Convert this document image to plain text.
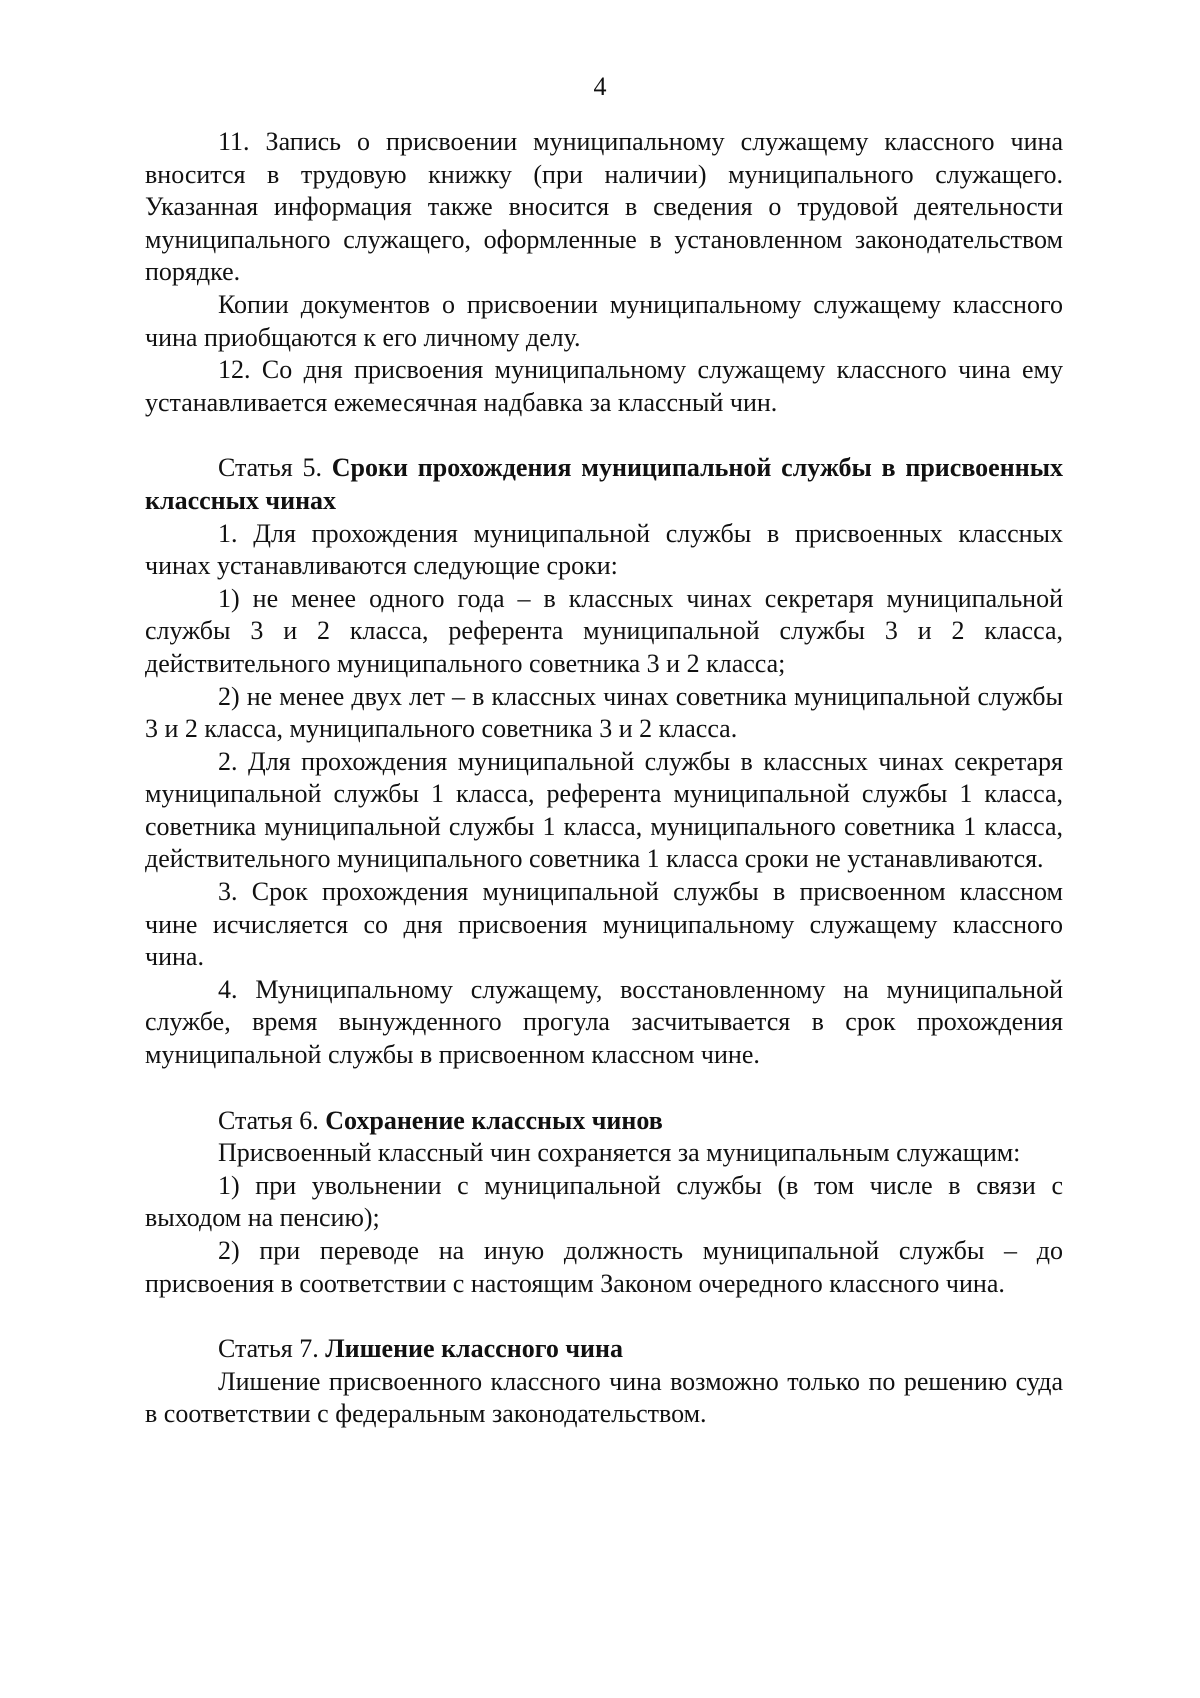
4

11. Запись о присвоении муниципальному служащему классного чина вносится в трудовую книжку (при наличии) муниципального служащего. Указанная информация также вносится в сведения о трудовой деятельности муниципального служащего, оформленные в установленном законодательством порядке.

Копии документов о присвоении муниципальному служащему классного чина приобщаются к его личному делу.

12. Со дня присвоения муниципальному служащему классного чина ему устанавливается ежемесячная надбавка за классный чин.

Статья 5. Сроки прохождения муниципальной службы в присвоенных классных чинах

1. Для прохождения муниципальной службы в присвоенных классных чинах устанавливаются следующие сроки:

1) не менее одного года – в классных чинах секретаря муниципальной службы 3 и 2 класса, референта муниципальной службы 3 и 2 класса, действительного муниципального советника 3 и 2 класса;

2) не менее двух лет – в классных чинах советника муниципальной службы 3 и 2 класса, муниципального советника 3 и 2 класса.

2. Для прохождения муниципальной службы в классных чинах секретаря муниципальной службы 1 класса, референта муниципальной службы 1 класса, советника муниципальной службы 1 класса, муниципального советника 1 класса, действительного муниципального советника 1 класса сроки не устанавливаются.

3. Срок прохождения муниципальной службы в присвоенном классном чине исчисляется со дня присвоения муниципальному служащему классного чина.

4. Муниципальному служащему, восстановленному на муниципальной службе, время вынужденного прогула засчитывается в срок прохождения муниципальной службы в присвоенном классном чине.

Статья 6. Сохранение классных чинов

Присвоенный классный чин сохраняется за муниципальным служащим:

1) при увольнении с муниципальной службы (в том числе в связи с выходом на пенсию);

2) при переводе на иную должность муниципальной службы – до присвоения в соответствии с настоящим Законом очередного классного чина.

Статья 7. Лишение классного чина

Лишение присвоенного классного чина возможно только по решению суда в соответствии с федеральным законодательством.
